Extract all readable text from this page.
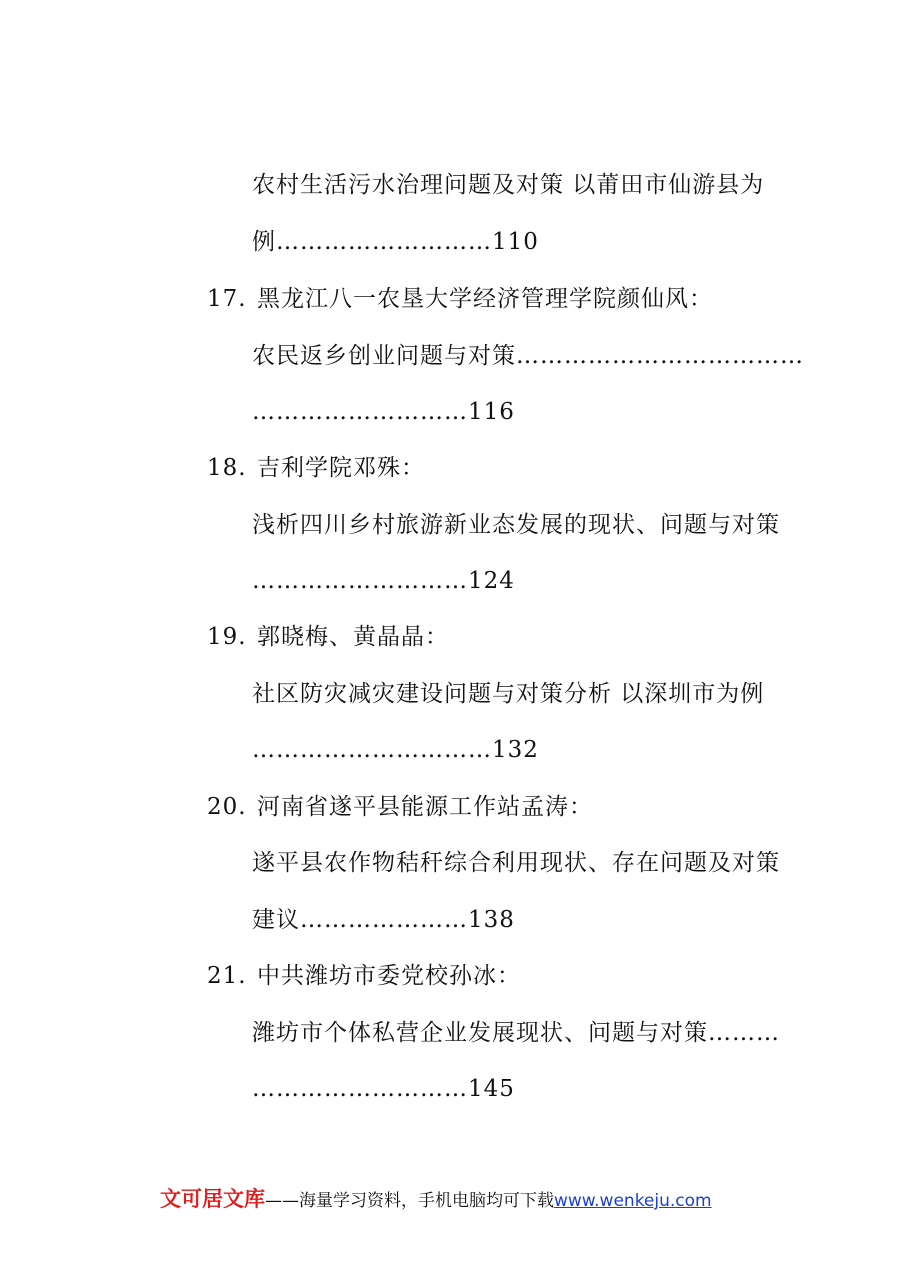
农村生活污水治理问题及对策 以莆田市仙游县为
例………………………110
17. 黑龙江八一农垦大学经济管理学院颜仙风：
农民返乡创业问题与对策………………………………
………………………116
18. 吉利学院邓殊：
浅析四川乡村旅游新业态发展的现状、问题与对策
………………………124
19. 郭晓梅、黄晶晶：
社区防灾减灾建设问题与对策分析 以深圳市为例
…………………………132
20. 河南省遂平县能源工作站孟涛：
遂平县农作物秸秆综合利用现状、存在问题及对策
建议…………………138
21. 中共潍坊市委党校孙冰：
潍坊市个体私营企业发展现状、问题与对策………
………………………145
文可居文库——海量学习资料，手机电脑均可下载www.wenkeju.com
